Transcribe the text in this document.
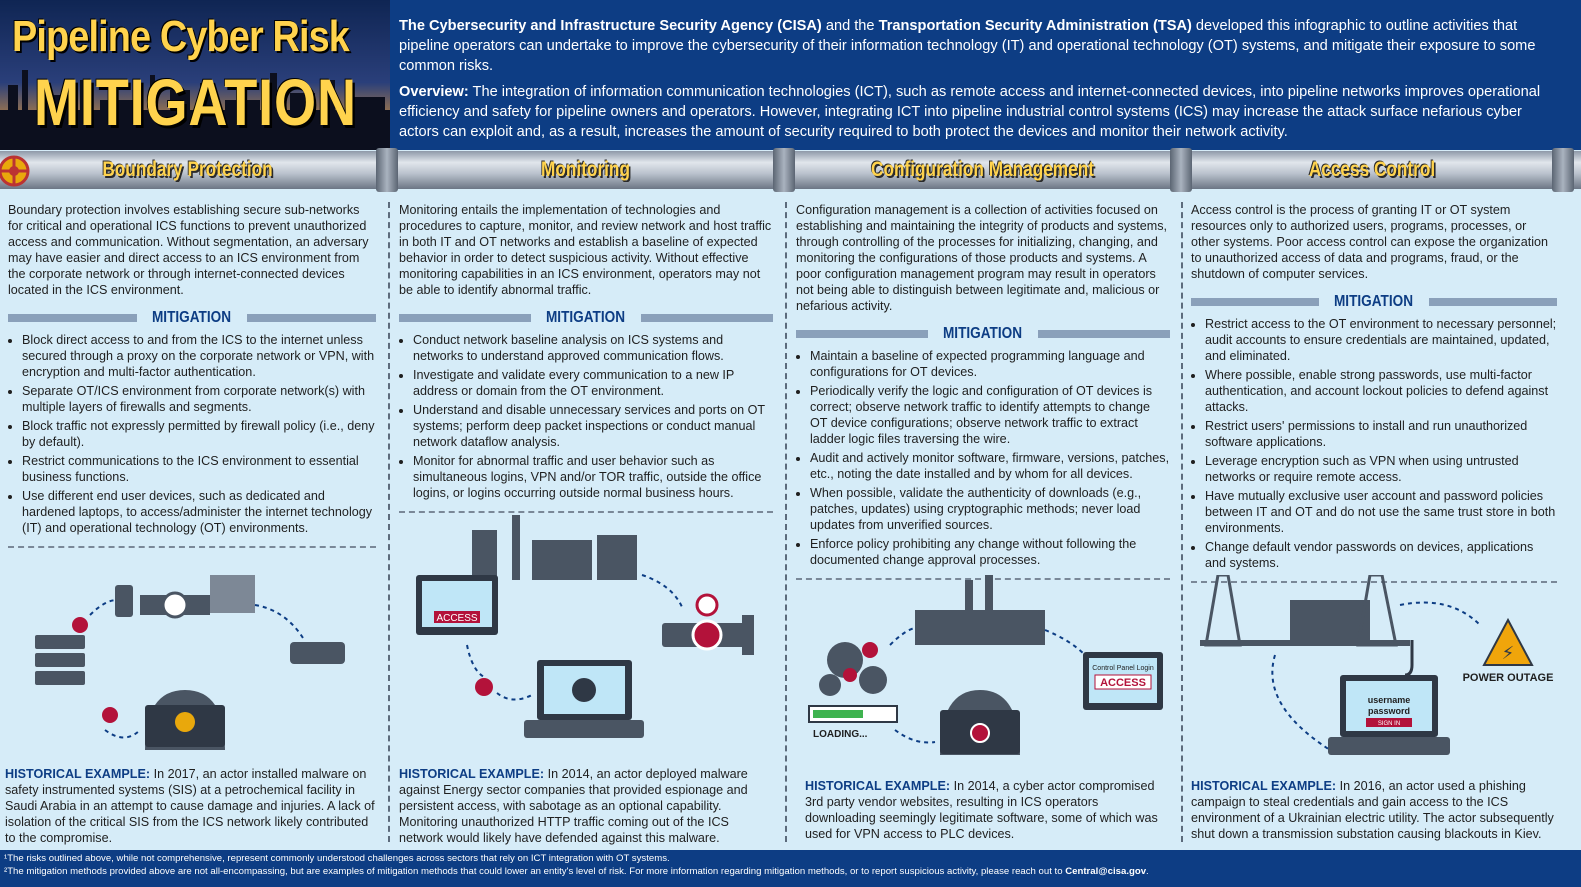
Pipeline Cyber Risk
MITIGATION

The Cybersecurity and Infrastructure Security Agency (CISA) and the Transportation Security Administration (TSA) developed this infographic to outline activities that pipeline operators can undertake to improve the cybersecurity of their information technology (IT) and operational technology (OT) systems, and mitigate their exposure to some common risks.

Overview: The integration of information communication technologies (ICT), such as remote access and internet-connected devices, into pipeline networks improves operational efficiency and safety for pipeline owners and operators. However, integrating ICT into pipeline industrial control systems (ICS) may increase the attack surface nefarious cyber actors can exploit and, as a result, increases the amount of security required to both protect the devices and monitor their network activity.

Boundary Protection	Monitoring	Configuration Management	Access Control

Boundary protection involves establishing secure sub-networks for critical and operational ICS functions to prevent unauthorized access and communication. Without segmentation, an adversary may have easier and direct access to an ICS environment from the corporate network or through internet-connected devices located in the ICS environment.

MITIGATION
• Block direct access to and from the ICS to the internet unless secured through a proxy on the corporate network or VPN, with encryption and multi-factor authentication.
• Separate OT/ICS environment from corporate network(s) with multiple layers of firewalls and segments.
• Block traffic not expressly permitted by firewall policy (i.e., deny by default).
• Restrict communications to the ICS environment to essential business functions.
• Use different end user devices, such as dedicated and hardened laptops, to access/administer the internet technology (IT) and operational technology (OT) environments.

Monitoring entails the implementation of technologies and procedures to capture, monitor, and review network and host traffic in both IT and OT networks and establish a baseline of expected behavior in order to detect suspicious activity. Without effective monitoring capabilities in an ICS environment, operators may not be able to identify abnormal traffic.

MITIGATION
• Conduct network baseline analysis on ICS systems and networks to understand approved communication flows.
• Investigate and validate every communication to a new IP address or domain from the OT environment.
• Understand and disable unnecessary services and ports on OT systems; perform deep packet inspections or conduct manual network dataflow analysis.
• Monitor for abnormal traffic and user behavior such as simultaneous logins, VPN and/or TOR traffic, outside the office logins, or logins occurring outside normal business hours.

Configuration management is a collection of activities focused on establishing and maintaining the integrity of products and systems, through controlling of the processes for initializing, changing, and monitoring the configurations of those products and systems. A poor configuration management program may result in operators not being able to distinguish between legitimate and, malicious or nefarious activity.

MITIGATION
• Maintain a baseline of expected programming language and configurations for OT devices.
• Periodically verify the logic and configuration of OT devices is correct; observe network traffic to identify attempts to change OT device configurations; observe network traffic to extract ladder logic files traversing the wire.
• Audit and actively monitor software, firmware, versions, patches, etc., noting the date installed and by whom for all devices.
• When possible, validate the authenticity of downloads (e.g., patches, updates) using cryptographic methods; never load updates from unverified sources.
• Enforce policy prohibiting any change without following the documented change approval processes.

Access control is the process of granting IT or OT system resources only to authorized users, programs, processes, or other systems. Poor access control can expose the organization to unauthorized access of data and programs, fraud, or the shutdown of computer services.

MITIGATION
• Restrict access to the OT environment to necessary personnel; audit accounts to ensure credentials are maintained, updated, and eliminated.
• Where possible, enable strong passwords, use multi-factor authentication, and account lockout policies to defend against attacks.
• Restrict users' permissions to install and run unauthorized software applications.
• Leverage encryption such as VPN when using untrusted networks or require remote access.
• Have mutually exclusive user account and password policies between IT and OT and do not use the same trust store in both environments.
• Change default vendor passwords on devices, applications and systems.
ACCESS
LOADING...
Control Panel Login
ACCESS
username
password
SIGN IN
⚡
POWER OUTAGE
HISTORICAL EXAMPLE: In 2017, an actor installed malware on safety instrumented systems (SIS) at a petrochemical facility in Saudi Arabia in an attempt to cause damage and injuries. A lack of isolation of the critical SIS from the ICS network likely contributed to the compromise.
HISTORICAL EXAMPLE: In 2014, an actor deployed malware against Energy sector companies that provided espionage and persistent access, with sabotage as an optional capability. Monitoring unauthorized HTTP traffic coming out of the ICS network would likely have defended against this malware.
HISTORICAL EXAMPLE: In 2014, a cyber actor compromised 3rd party vendor websites, resulting in ICS operators downloading seemingly legitimate software, some of which was used for VPN access to PLC devices.
HISTORICAL EXAMPLE: In 2016, an actor used a phishing campaign to steal credentials and gain access to the ICS environment of a Ukrainian electric utility. The actor subsequently shut down a transmission substation causing blackouts in Kiev.
¹The risks outlined above, while not comprehensive, represent commonly understood challenges across sectors that rely on ICT integration with OT systems.
²The mitigation methods provided above are not all-encompassing, but are examples of mitigation methods that could lower an entity's level of risk. For more information regarding mitigation methods, or to report suspicious activity, please reach out to Central@cisa.gov.
